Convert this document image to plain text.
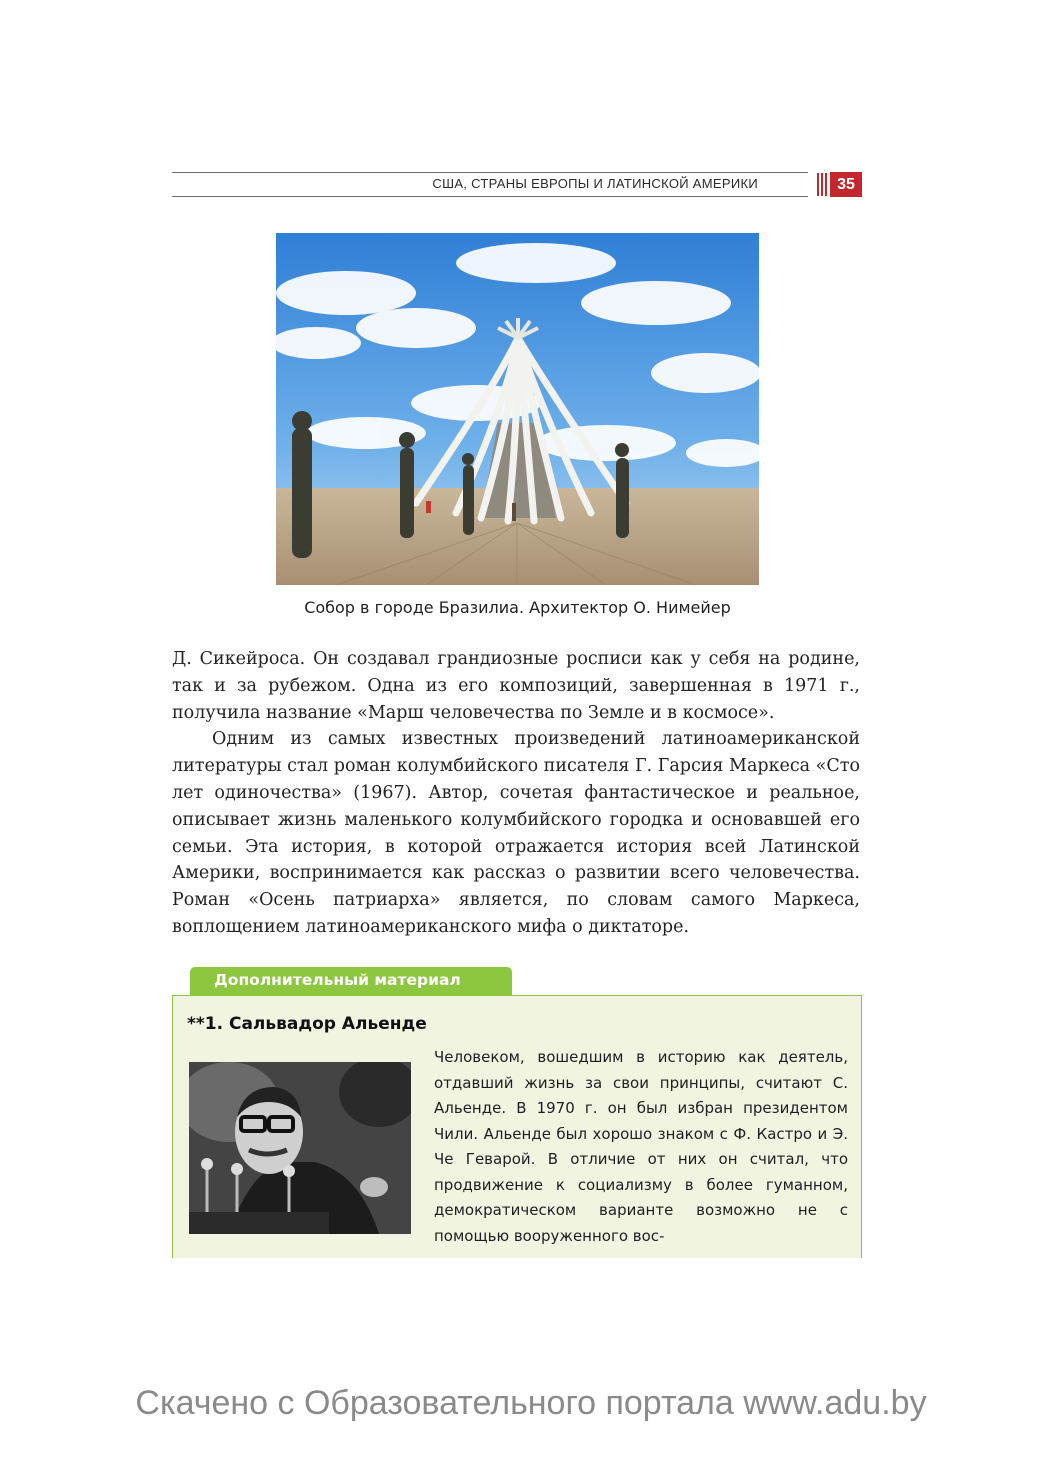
США, СТРАНЫ ЕВРОПЫ И ЛАТИНСКОЙ АМЕРИКИ	35
Собор в городе Бразилиа. Архитектор О. Нимейер

Д. Сикейроса. Он создавал грандиозные росписи как у себя на родине, так и за рубежом. Одна из его композиций, завершенная в 1971 г., получила название «Марш человечества по Земле и в космосе».

Одним из самых известных произведений латиноамериканской литературы стал роман колумбийского писателя Г. Гарсия Маркеса «Сто лет одиночества» (1967). Автор, сочетая фантастическое и реальное, описывает жизнь маленького колумбийского городка и основавшей его семьи. Эта история, в которой отражается история всей Латинской Америки, воспринимается как рассказ о развитии всего человечества. Роман «Осень патриарха» является, по словам самого Маркеса, воплощением латиноамериканского мифа о диктаторе.

Дополнительный материал
**1. Сальвадор Альенде
Человеком, вошедшим в историю как деятель, отдавший жизнь за свои принципы, считают С. Альенде. В 1970 г. он был избран президентом Чили. Альенде был хорошо знаком с Ф. Кастро и Э. Че Геварой. В отличие от них он считал, что продвижение к социализму в более гуманном, демократическом варианте возможно не с помощью вооруженного вос-
Скачено с Образовательного портала www.adu.by
